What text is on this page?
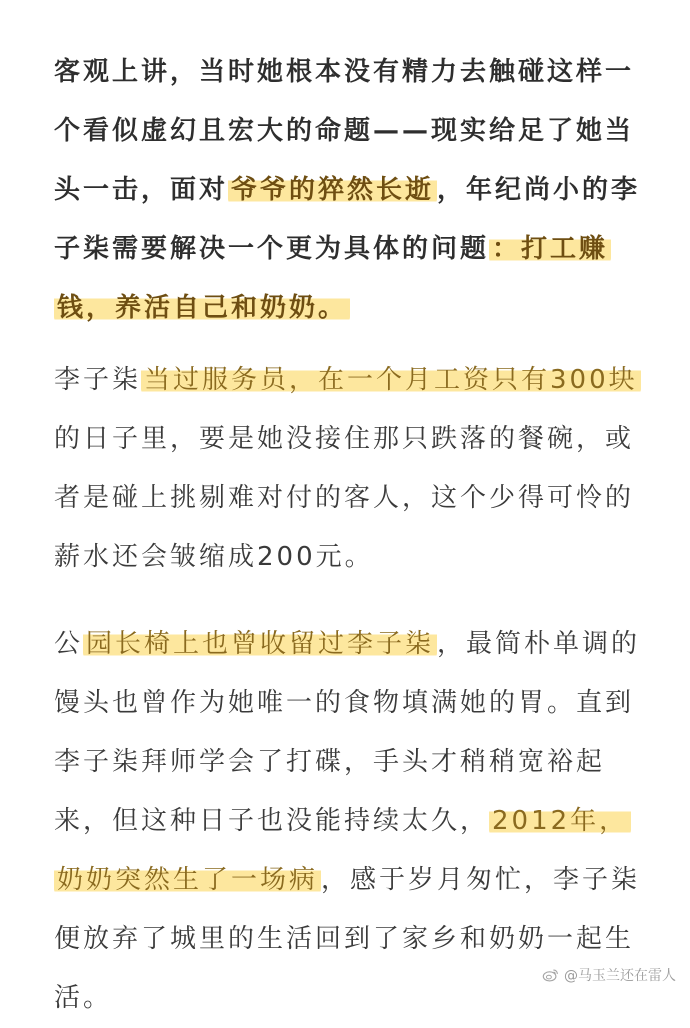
客观上讲，当时她根本没有精力去触碰这样一个看似虚幻且宏大的命题——现实给足了她当头一击，面对 爷爷的猝然长逝 ，年纪尚小的李子柒需要解决一个更为具体的问题 ：打工赚钱，养活自己和奶奶。
李子柒 当过服务员，在一个月工资只有300块的日子里，要是她没接住那只跌落的餐碗，或者是碰上挑剔难对付的客人，这个少得可怜的薪水还会皱缩成200元。
公 园长椅上也曾收留过李子柒 ，最简朴单调的馒头也曾作为她唯一的食物填满她的胃。直到李子柒拜师学会了打碟，手头才稍稍宽裕起来，但这种日子也没能持续太久， 2012年，奶奶突然生了一场病 ，感于岁月匆忙，李子柒便放弃了城里的生活回到了家乡和奶奶一起生活。
@马玉兰还在雷人
